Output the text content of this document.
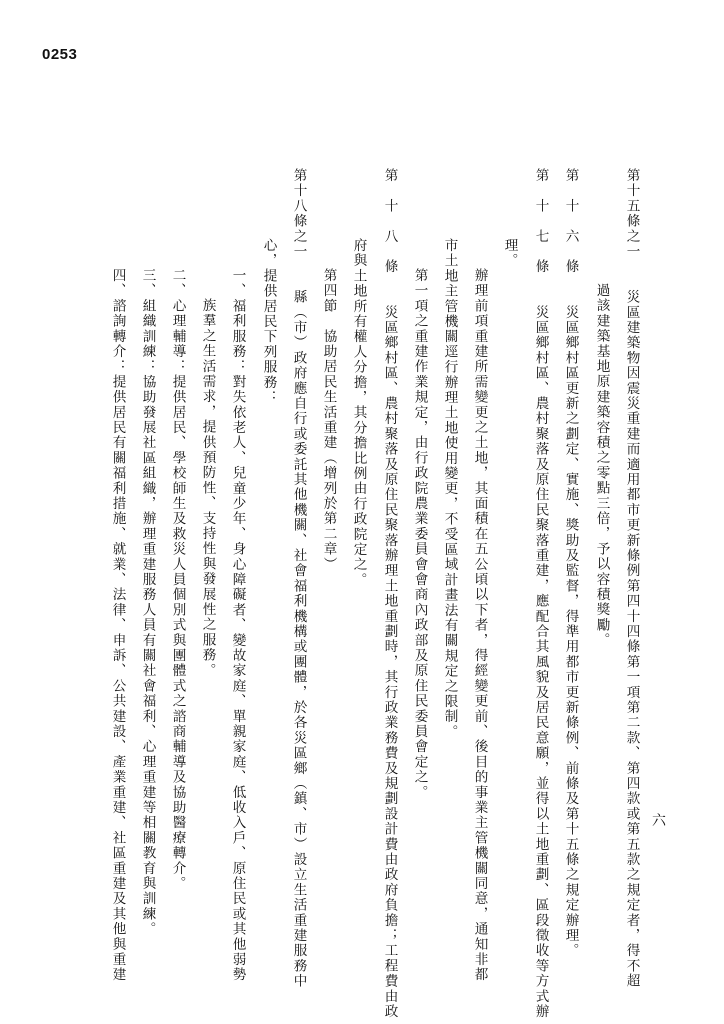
0253
六
第十五條之一　　災區建築物因震災重建而適用都市更新條例第四十四條第一項第二款、第四款或第五款之規定者，得不超
過該建築基地原建築容積之零點三倍，予以容積獎勵。
第　十　六　條　　災區鄉村區更新之劃定、實施、獎助及監督，得準用都市更新條例、前條及第十五條之規定辦理。
第　十　七　條　　災區鄉村區、農村聚落及原住民聚落重建，應配合其風貌及居民意願，並得以土地重劃、區段徵收等方式辦
理。
辦理前項重建所需變更之土地，其面積在五公頃以下者，得經變更前、後目的事業主管機關同意，通知非都
市土地主管機關逕行辦理土地使用變更，不受區域計畫法有關規定之限制。
第一項之重建作業規定，由行政院農業委員會會商內政部及原住民委員會定之。
第　十　八　條　　災區鄉村區、農村聚落及原住民聚落辦理土地重劃時，其行政業務費及規劃設計費由政府負擔；工程費由政
府與土地所有權人分擔，其分擔比例由行政院定之。
第四節　協助居民生活重建（增列於第二章）
第十八條之一　　縣（市）政府應自行或委託其他機關、社會福利機構或團體，於各災區鄉（鎮、市）設立生活重建服務中
心，提供居民下列服務：
一、福利服務：對失依老人、兒童少年、身心障礙者、變故家庭、單親家庭、低收入戶、原住民或其他弱勢
族羣之生活需求，提供預防性、支持性與發展性之服務。
二、心理輔導：提供居民、學校師生及救災人員個別式與團體式之諮商輔導及協助醫療轉介。
三、組織訓練：協助發展社區組織，辦理重建服務人員有關社會福利、心理重建等相關教育與訓練。
四、諮詢轉介：提供居民有關福利措施、就業、法律、申訴、公共建設、產業重建、社區重建及其他與重建
